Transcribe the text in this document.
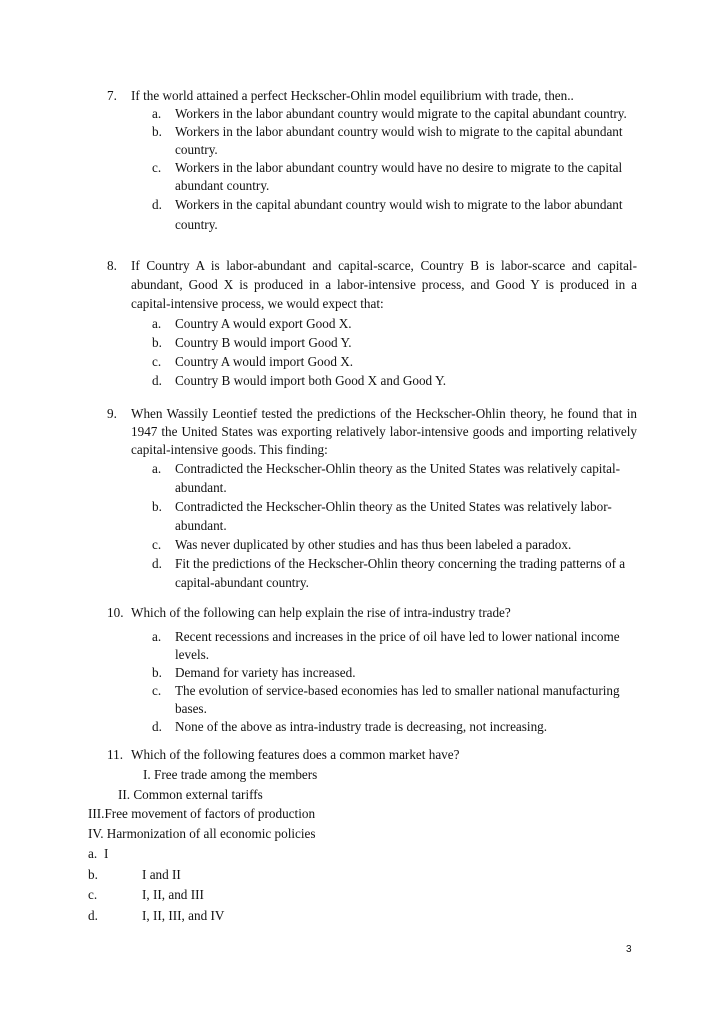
7. If the world attained a perfect Heckscher-Ohlin model equilibrium with trade, then..
a. Workers in the labor abundant country would migrate to the capital abundant country.
b. Workers in the labor abundant country would wish to migrate to the capital abundant country.
c. Workers in the labor abundant country would have no desire to migrate to the capital abundant country.
d. Workers in the capital abundant country would wish to migrate to the labor abundant country.
8. If Country A is labor-abundant and capital-scarce, Country B is labor-scarce and capital-abundant, Good X is produced in a labor-intensive process, and Good Y is produced in a capital-intensive process, we would expect that:
a. Country A would export Good X.
b. Country B would import Good Y.
c. Country A would import Good X.
d. Country B would import both Good X and Good Y.
9. When Wassily Leontief tested the predictions of the Heckscher-Ohlin theory, he found that in 1947 the United States was exporting relatively labor-intensive goods and importing relatively capital-intensive goods. This finding:
a. Contradicted the Heckscher-Ohlin theory as the United States was relatively capital-abundant.
b. Contradicted the Heckscher-Ohlin theory as the United States was relatively labor-abundant.
c. Was never duplicated by other studies and has thus been labeled a paradox.
d. Fit the predictions of the Heckscher-Ohlin theory concerning the trading patterns of a capital-abundant country.
10. Which of the following can help explain the rise of intra-industry trade?
a. Recent recessions and increases in the price of oil have led to lower national income levels.
b. Demand for variety has increased.
c. The evolution of service-based economies has led to smaller national manufacturing bases.
d. None of the above as intra-industry trade is decreasing, not increasing.
11. Which of the following features does a common market have?
I. Free trade among the members
II. Common external tariffs
III.Free movement of factors of production
IV. Harmonization of all economic policies
a. I
b.	I and II
c.	I, II, and III
d.	I, II, III, and IV
3
